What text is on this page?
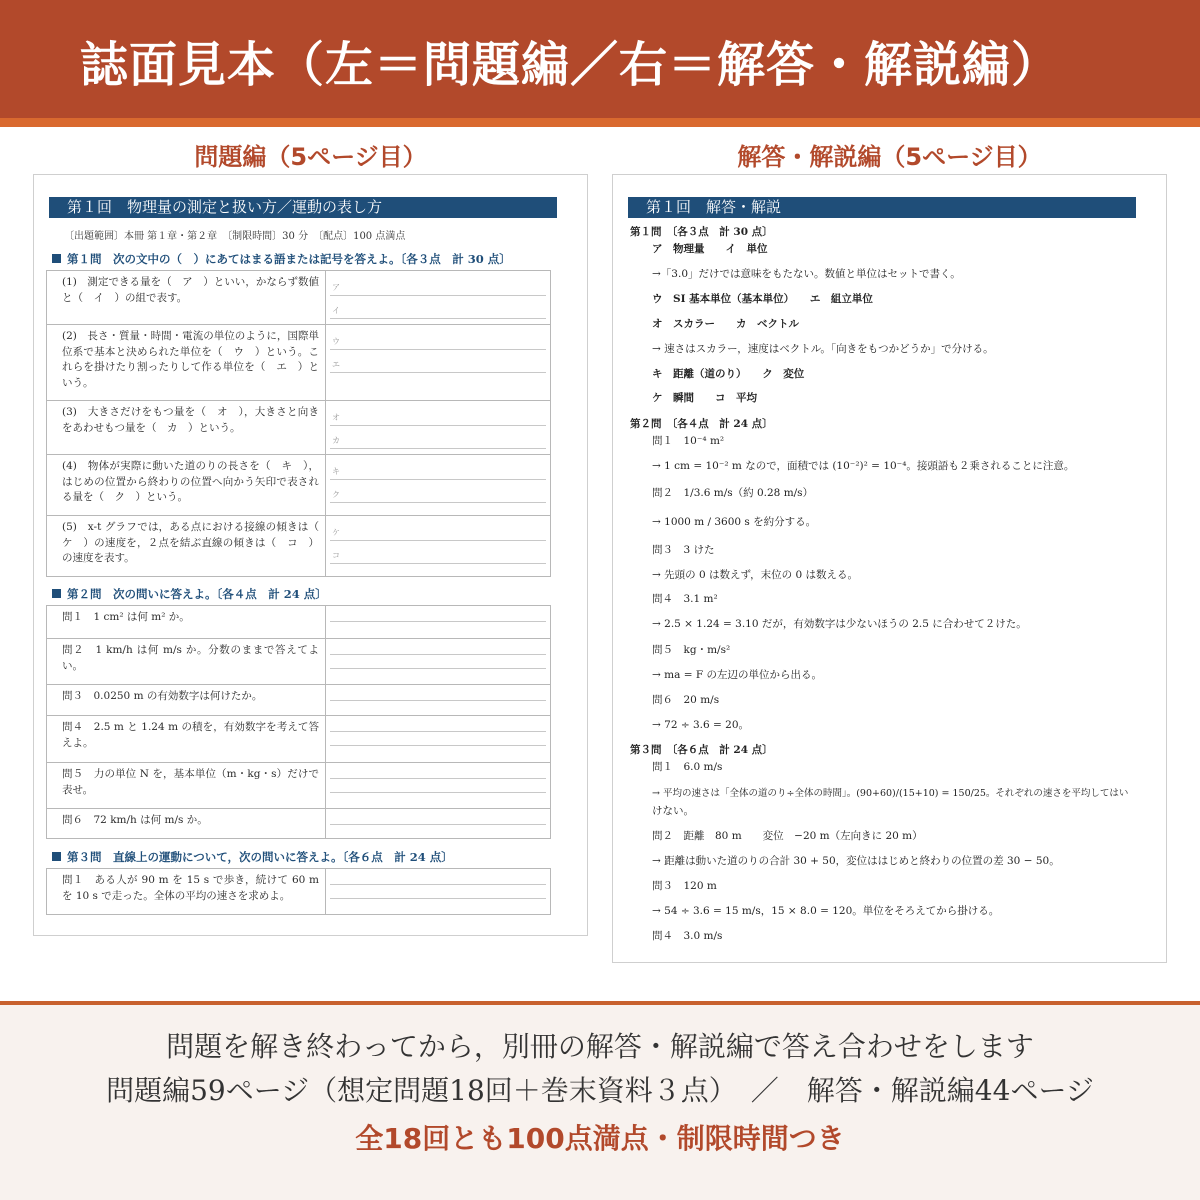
誌面見本（左＝問題編／右＝解答・解説編）
問題編（5ページ目）	解答・解説編（5ページ目）
第１回　物理量の測定と扱い方／運動の表し方
〔出題範囲〕本冊 第１章・第２章　〔制限時間〕30 分　〔配点〕100 点満点
第１問　次の文中の（　）にあてはまる語または記号を答えよ。〔各３点　計 30 点〕
(1)　測定できる量を（　ア　）といい，かならず数値と（　イ　）の組で表す。
ア
イ
(2)　長さ・質量・時間・電流の単位のように，国際単位系で基本と決められた単位を（　ウ　）という。これらを掛けたり割ったりして作る単位を（　エ　）という。
ウ
エ
(3)　大きさだけをもつ量を（　オ　），大きさと向きをあわせもつ量を（　カ　）という。
オ
カ
(4)　物体が実際に動いた道のりの長さを（　キ　），はじめの位置から終わりの位置へ向かう矢印で表される量を（　ク　）という。
キ
ク
(5)　x-t グラフでは，ある点における接線の傾きは（　ケ　）の速度を，２点を結ぶ直線の傾きは（　コ　）の速度を表す。
ケ
コ
第２問　次の問いに答えよ。〔各４点　計 24 点〕
問１　1 cm² は何 m² か。
問２　1 km/h は何 m/s か。分数のままで答えてよい。
問３　0.0250 m の有効数字は何けたか。
問４　2.5 m と 1.24 m の積を，有効数字を考えて答えよ。
問５　力の単位 N を，基本単位（m・kg・s）だけで表せ。
問６　72 km/h は何 m/s か。
第３問　直線上の運動について，次の問いに答えよ。〔各６点　計 24 点〕
問１　ある人が 90 m を 15 s で歩き，続けて 60 m を 10 s で走った。全体の平均の速さを求めよ。
第１回　解答・解説
第１問　〔各３点　計 30 点〕
ア　物理量　　イ　単位
→「3.0」だけでは意味をもたない。数値と単位はセットで書く。
ウ　SI 基本単位（基本単位）　　エ　組立単位
オ　スカラー　　カ　ベクトル
→ 速さはスカラー，速度はベクトル。「向きをもつかどうか」で分ける。
キ　距離（道のり）　　ク　変位
ケ　瞬間　　コ　平均
第２問　〔各４点　計 24 点〕
問１　10⁻⁴ m²
→ 1 cm = 10⁻² m なので，面積では (10⁻²)² = 10⁻⁴。接頭語も２乗されることに注意。
問２　1/3.6 m/s（約 0.28 m/s）
→ 1000 m / 3600 s を約分する。
問３　3 けた
→ 先頭の 0 は数えず，末位の 0 は数える。
問４　3.1 m²
→ 2.5 × 1.24 = 3.10 だが，有効数字は少ないほうの 2.5 に合わせて２けた。
問５　kg・m/s²
→ ma = F の左辺の単位から出る。
問６　20 m/s
→ 72 ÷ 3.6 = 20。
第３問　〔各６点　計 24 点〕
問１　6.0 m/s
→ 平均の速さは「全体の道のり÷全体の時間」。(90+60)/(15+10) = 150/25。それぞれの速さを平均してはい
けない。
問２　距離　80 m　　変位　−20 m（左向きに 20 m）
→ 距離は動いた道のりの合計 30 + 50，変位ははじめと終わりの位置の差 30 − 50。
問３　120 m
→ 54 ÷ 3.6 = 15 m/s，15 × 8.0 = 120。単位をそろえてから掛ける。
問４　3.0 m/s
問題を解き終わってから，別冊の解答・解説編で答え合わせをします
問題編59ページ（想定問題18回＋巻末資料３点）　／　解答・解説編44ページ
全18回とも100点満点・制限時間つき
